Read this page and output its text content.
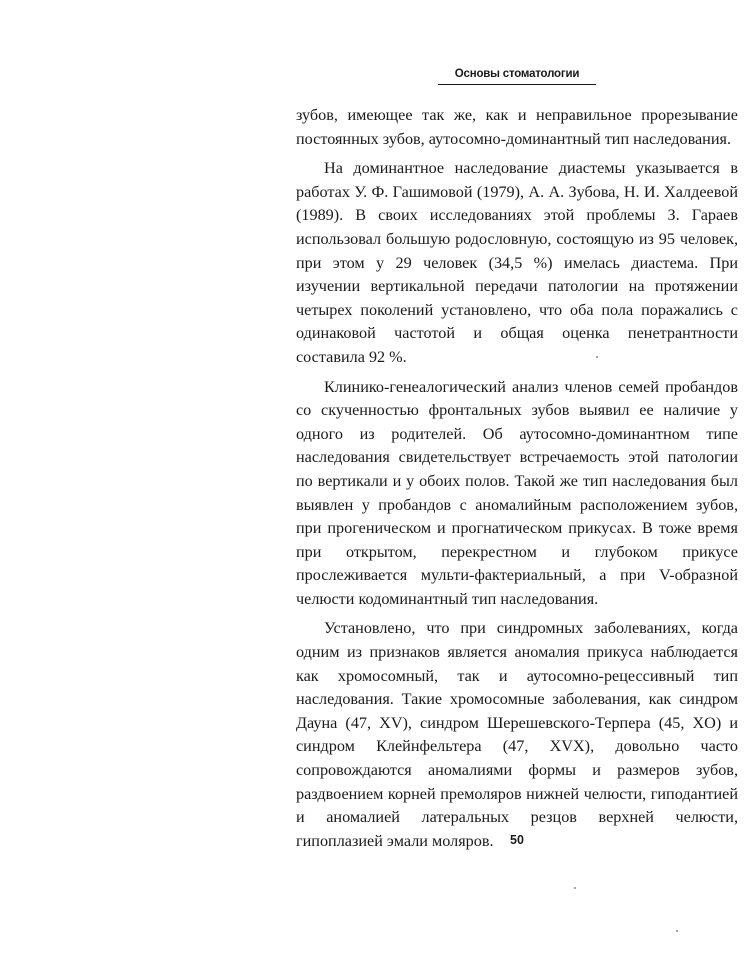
Основы стоматологии

зубов, имеющее так же, как и неправильное прорезывание постоянных зубов, аутосомно-доминантный тип наследования.

На доминантное наследование диастемы указывается в работах У. Ф. Гашимовой (1979), А. А. Зубова, Н. И. Халдеевой (1989). В своих исследованиях этой проблемы З. Гараев использовал большую родословную, состоящую из 95 человек, при этом у 29 человек (34,5 %) имелась диастема. При изучении вертикальной передачи патологии на протяжении четырех поколений установлено, что оба пола поражались с одинаковой частотой и общая оценка пенетрантности составила 92 %.

Клинико-генеалогический анализ членов семей пробандов со скученностью фронтальных зубов выявил ее наличие у одного из родителей. Об аутосомно-доминантном типе наследования свидетельствует встречаемость этой патологии по вертикали и у обоих полов. Такой же тип наследования был выявлен у пробандов с аномалийным расположением зубов, при прогеническом и прогнатическом прикусах. В тоже время при открытом, перекрестном и глубоком прикусе прослеживается мульти-фактериальный, а при V-образной челюсти кодоминантный тип наследования.

Установлено, что при синдромных заболеваниях, когда одним из признаков является аномалия прикуса наблюдается как хромосомный, так и аутосомно-рецессивный тип наследования. Такие хромосомные заболевания, как синдром Дауна (47, XV), синдром Шерешевского-Терпера (45, XO) и синдром Клейнфельтера (47, XVX), довольно часто сопровождаются аномалиями формы и размеров зубов, раздвоением корней премоляров нижней челюсти, гиподантией и аномалией латеральных резцов верхней челюсти, гипоплазией эмали моляров.	50
